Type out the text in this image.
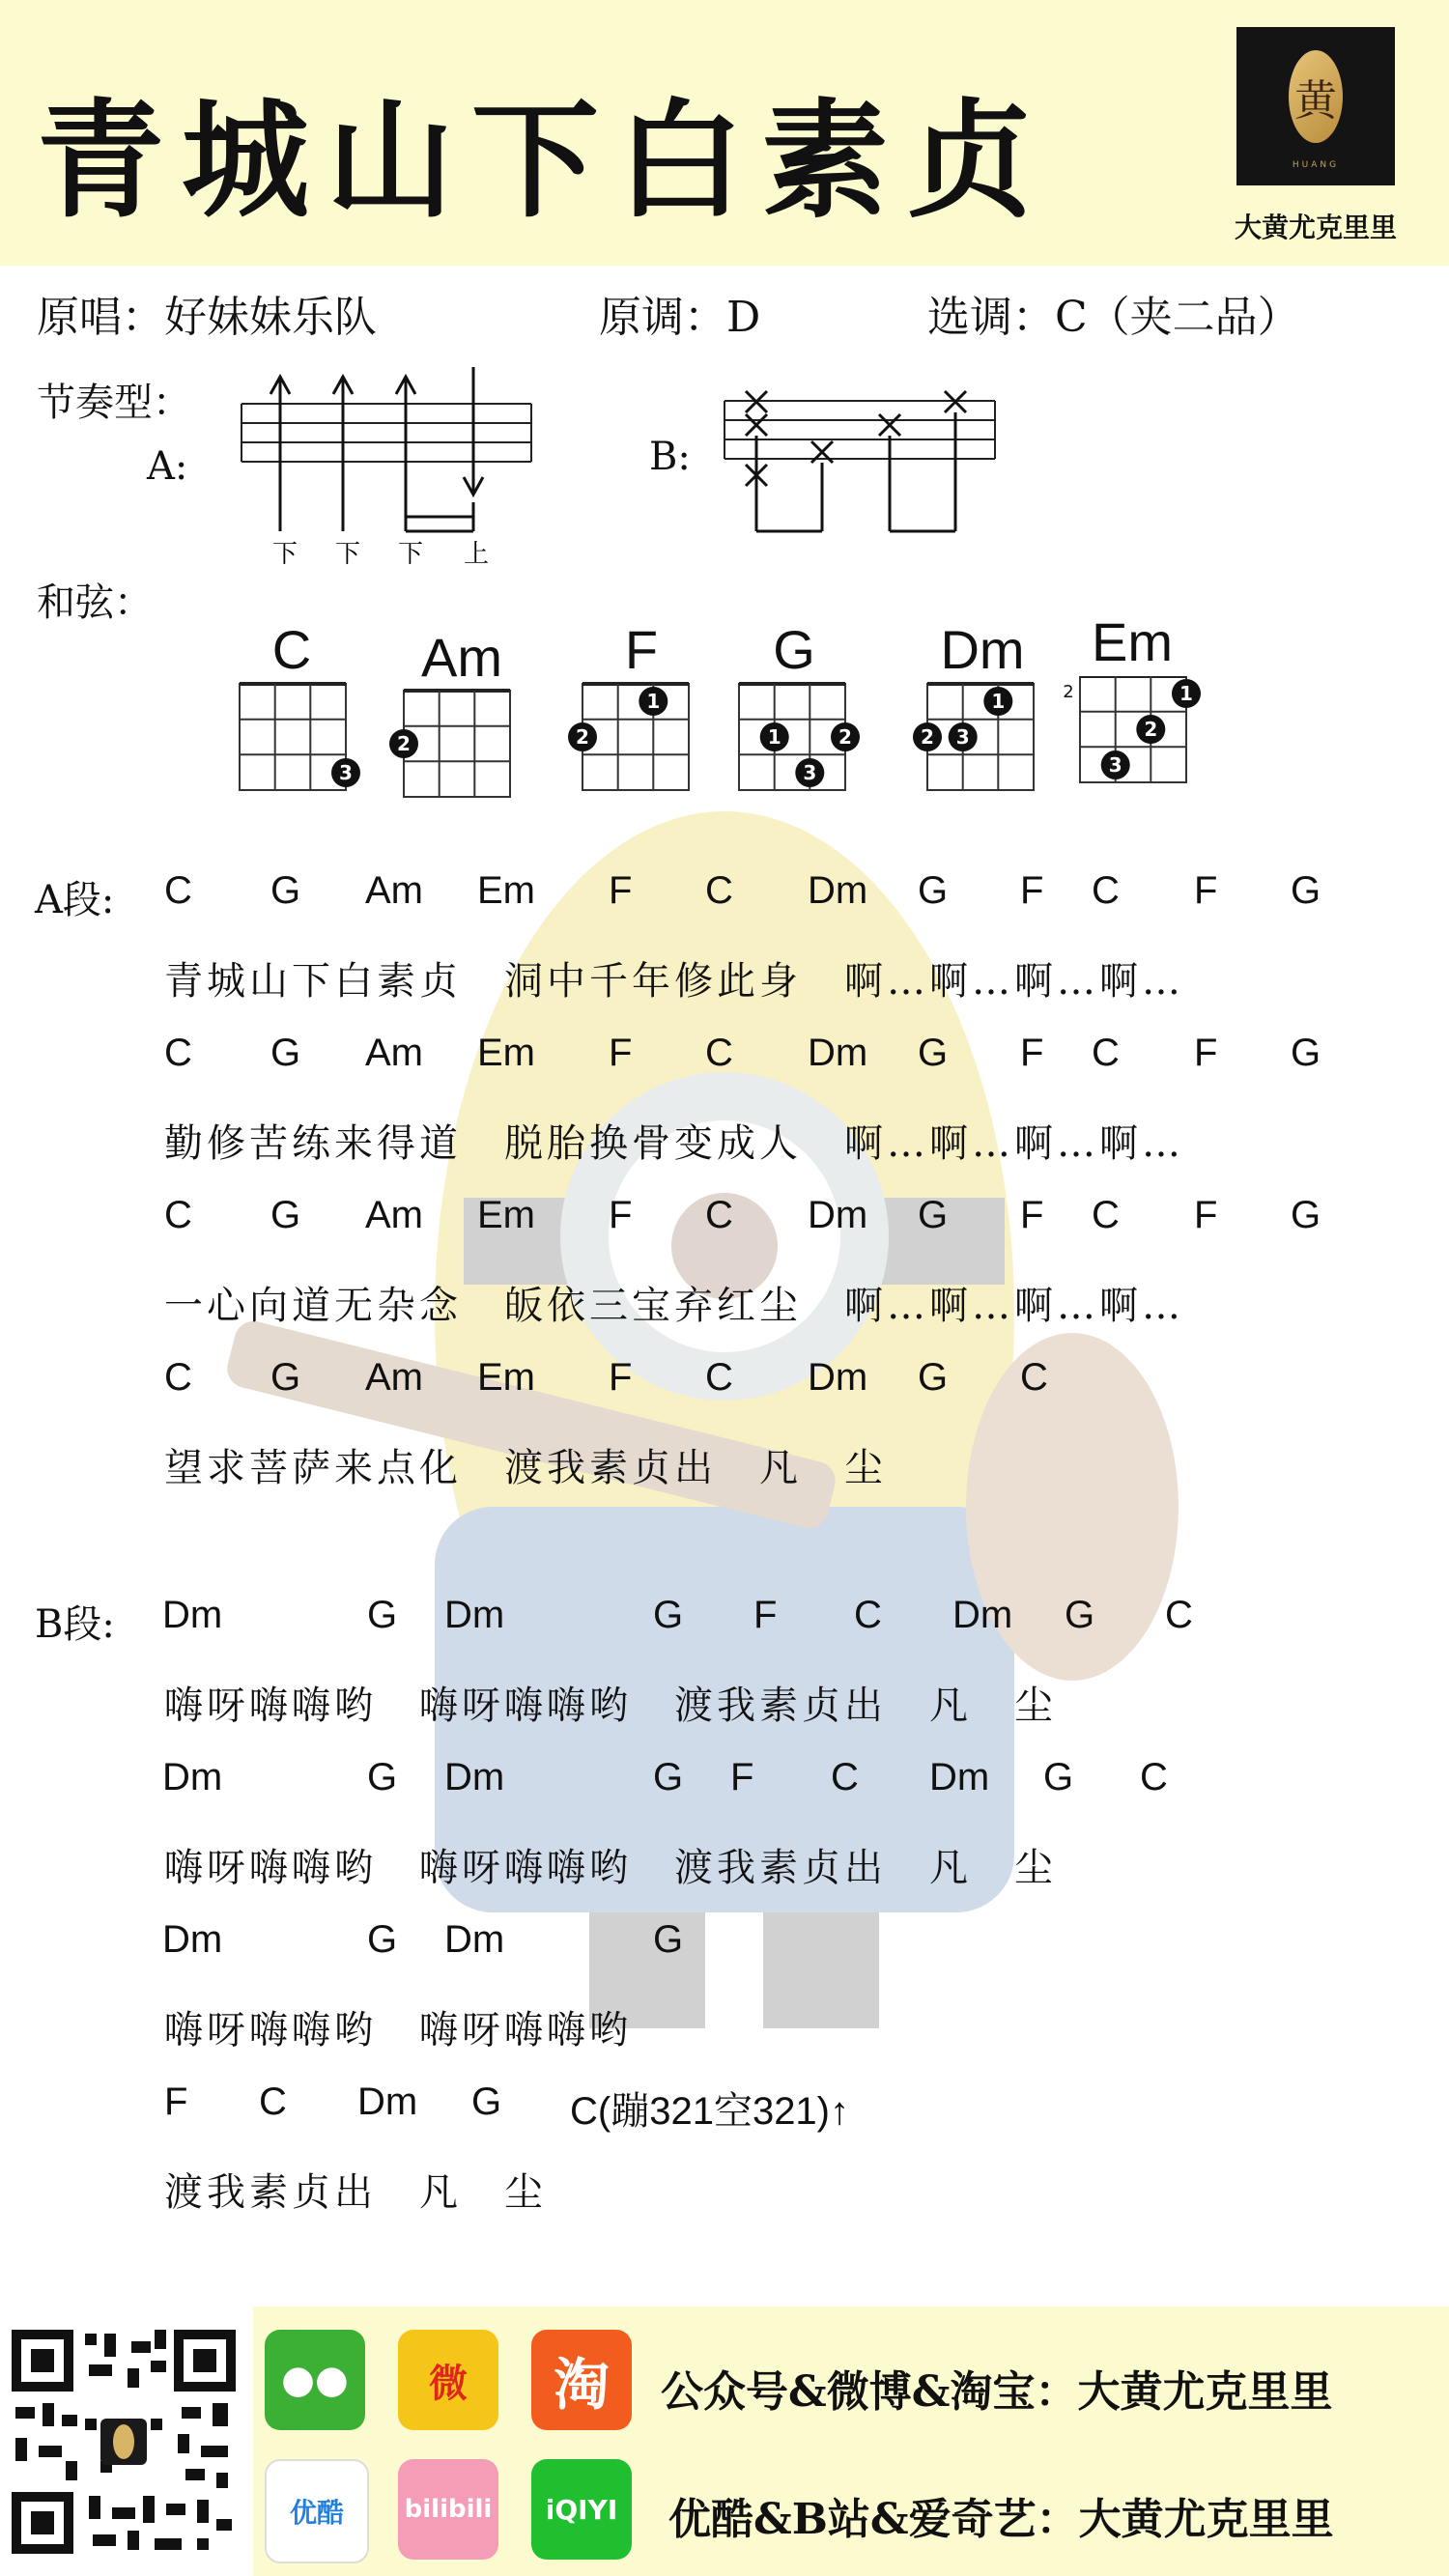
青城山下白素贞	黄
HUANG
大黄尤克里里
原唱：好妹妹乐队	原调：D	选调：C（夹二品）
节奏型：
A:	B:
下 下 下 上
和弦：
C	Am	F	G	Dm	Em
3
2
1
2	1	2
3
1
2 3
2	1
2
3
A段: C G Am Em F C Dm G F C F G
青城山下白素贞　洞中千年修此身　啊…啊…啊…啊…
C G Am Em F C Dm G F C F G
勤修苦练来得道　脱胎换骨变成人　啊…啊…啊…啊…
C G Am Em F C Dm G F C F G
一心向道无杂念　皈依三宝弃红尘　啊…啊…啊…啊…
C G Am Em F C Dm G C
望求菩萨来点化　渡我素贞出　凡　尘
B段: Dm	G Dm	G F C Dm G C
嗨呀嗨嗨哟　嗨呀嗨嗨哟　渡我素贞出　凡　尘
Dm	G Dm	G F C Dm G C
嗨呀嗨嗨哟　嗨呀嗨嗨哟　渡我素贞出　凡　尘
Dm	G Dm	G
嗨呀嗨嗨哟　嗨呀嗨嗨哟
F C Dm G C(蹦321空321)↑
渡我素贞出　凡　尘
●● 微 淘
优酷 bilibili iQIYI
公众号&微博&淘宝：大黄尤克里里
优酷&B站&爱奇艺：大黄尤克里里
